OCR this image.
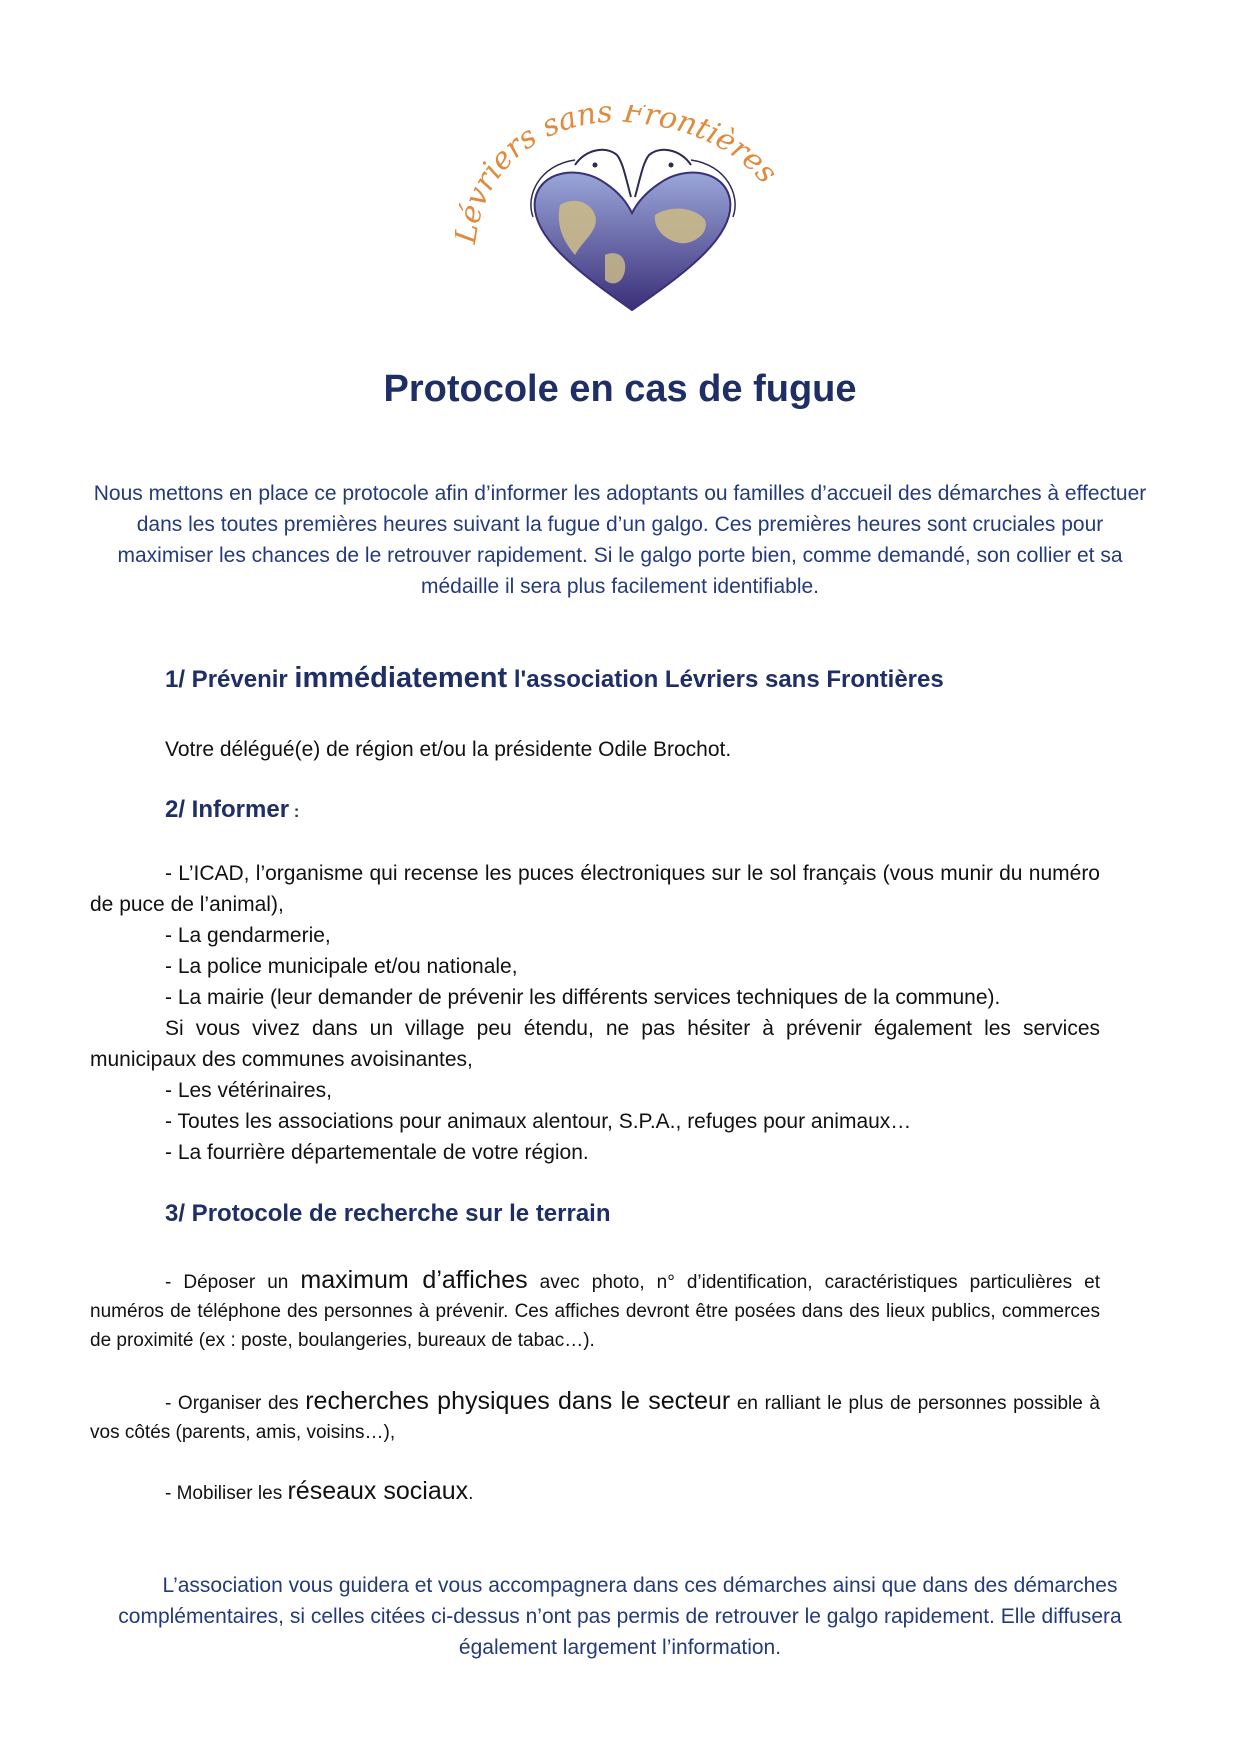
évriers sans Frontières
Protocole en cas de fugue
Nous mettons en place ce protocole afin d’informer les adoptants ou familles d’accueil des démarches à effectuer dans les toutes premières heures suivant la fugue d’un galgo. Ces premières heures sont cruciales pour maximiser les chances de le retrouver rapidement. Si le galgo porte bien, comme demandé, son collier et sa médaille il sera plus facilement identifiable.
1/ Prévenir immédiatement l'association Lévriers sans Frontières
Votre délégué(e) de région et/ou la présidente Odile Brochot.
2/ Informer :
- L’ICAD, l’organisme qui recense les puces électroniques sur le sol français (vous munir du numéro de puce de l’animal),
- La gendarmerie,
- La police municipale et/ou nationale,
- La mairie (leur demander de prévenir les différents services techniques de la commune).
Si vous vivez dans un village peu étendu, ne pas hésiter à prévenir également les services municipaux des communes avoisinantes,
- Les vétérinaires,
- Toutes les associations pour animaux alentour, S.P.A., refuges pour animaux…
- La fourrière départementale de votre région.
3/ Protocole de recherche sur le terrain
- Déposer un maximum d’affiches avec photo, n° d’identification, caractéristiques particulières et numéros de téléphone des personnes à prévenir. Ces affiches devront être posées dans des lieux publics, commerces de proximité (ex : poste, boulangeries, bureaux de tabac…).
- Organiser des recherches physiques dans le secteur en ralliant le plus de personnes possible à vos côtés (parents, amis, voisins…),
- Mobiliser les réseaux sociaux.
L’association vous guidera et vous accompagnera dans ces démarches ainsi que dans des démarches complémentaires, si celles citées ci-dessus n’ont pas permis de retrouver le galgo rapidement. Elle diffusera également largement l’information.
